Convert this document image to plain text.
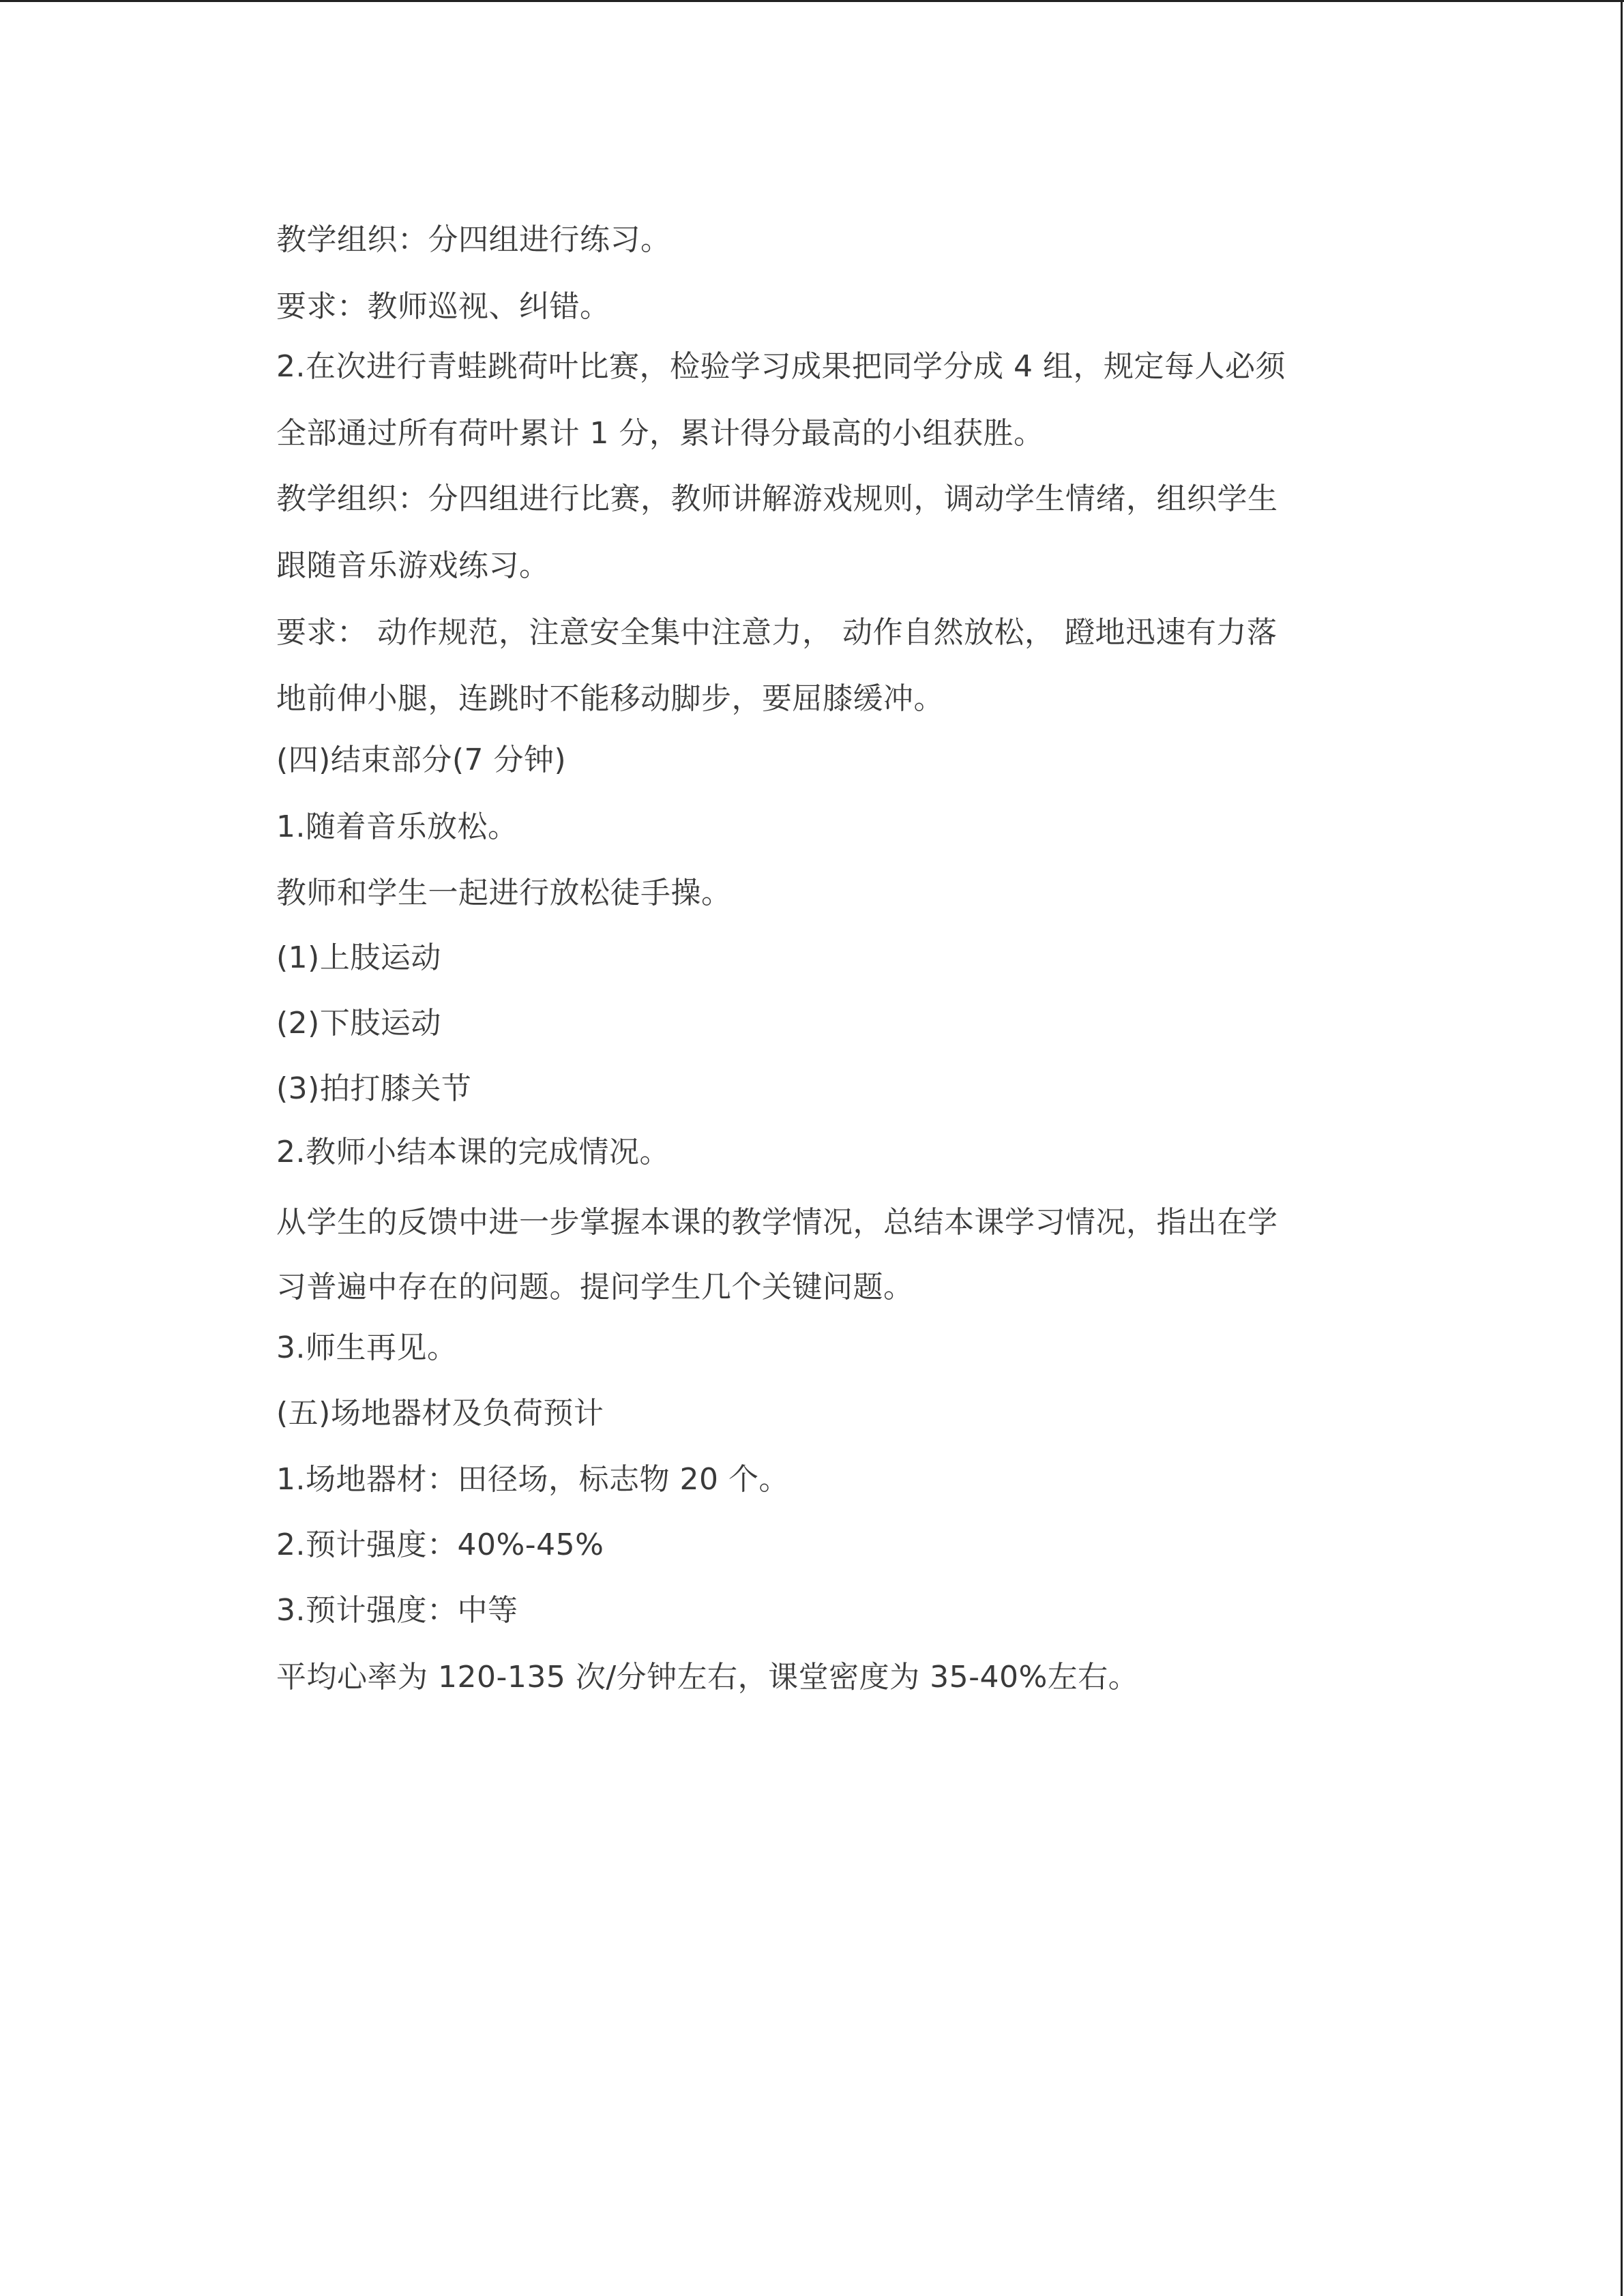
教学组织：分四组进行练习。
要求：教师巡视、纠错。
2.在次进行青蛙跳荷叶比赛，检验学习成果把同学分成 4 组，规定每人必须
全部通过所有荷叶累计 1 分，累计得分最高的小组获胜。
教学组织：分四组进行比赛，教师讲解游戏规则，调动学生情绪，组织学生
跟随音乐游戏练习。
要求： 动作规范，注意安全集中注意力， 动作自然放松， 蹬地迅速有力落
地前伸小腿，连跳时不能移动脚步，要屈膝缓冲。
(四)结束部分(7 分钟)
1.随着音乐放松。
教师和学生一起进行放松徒手操。
(1)上肢运动
(2)下肢运动
(3)拍打膝关节
2.教师小结本课的完成情况。
从学生的反馈中进一步掌握本课的教学情况，总结本课学习情况，指出在学
习普遍中存在的问题。提问学生几个关键问题。
3.师生再见。
(五)场地器材及负荷预计
1.场地器材：田径场，标志物 20 个。
2.预计强度：40%-45%
3.预计强度：中等
平均心率为 120-135 次/分钟左右，课堂密度为 35-40%左右。
